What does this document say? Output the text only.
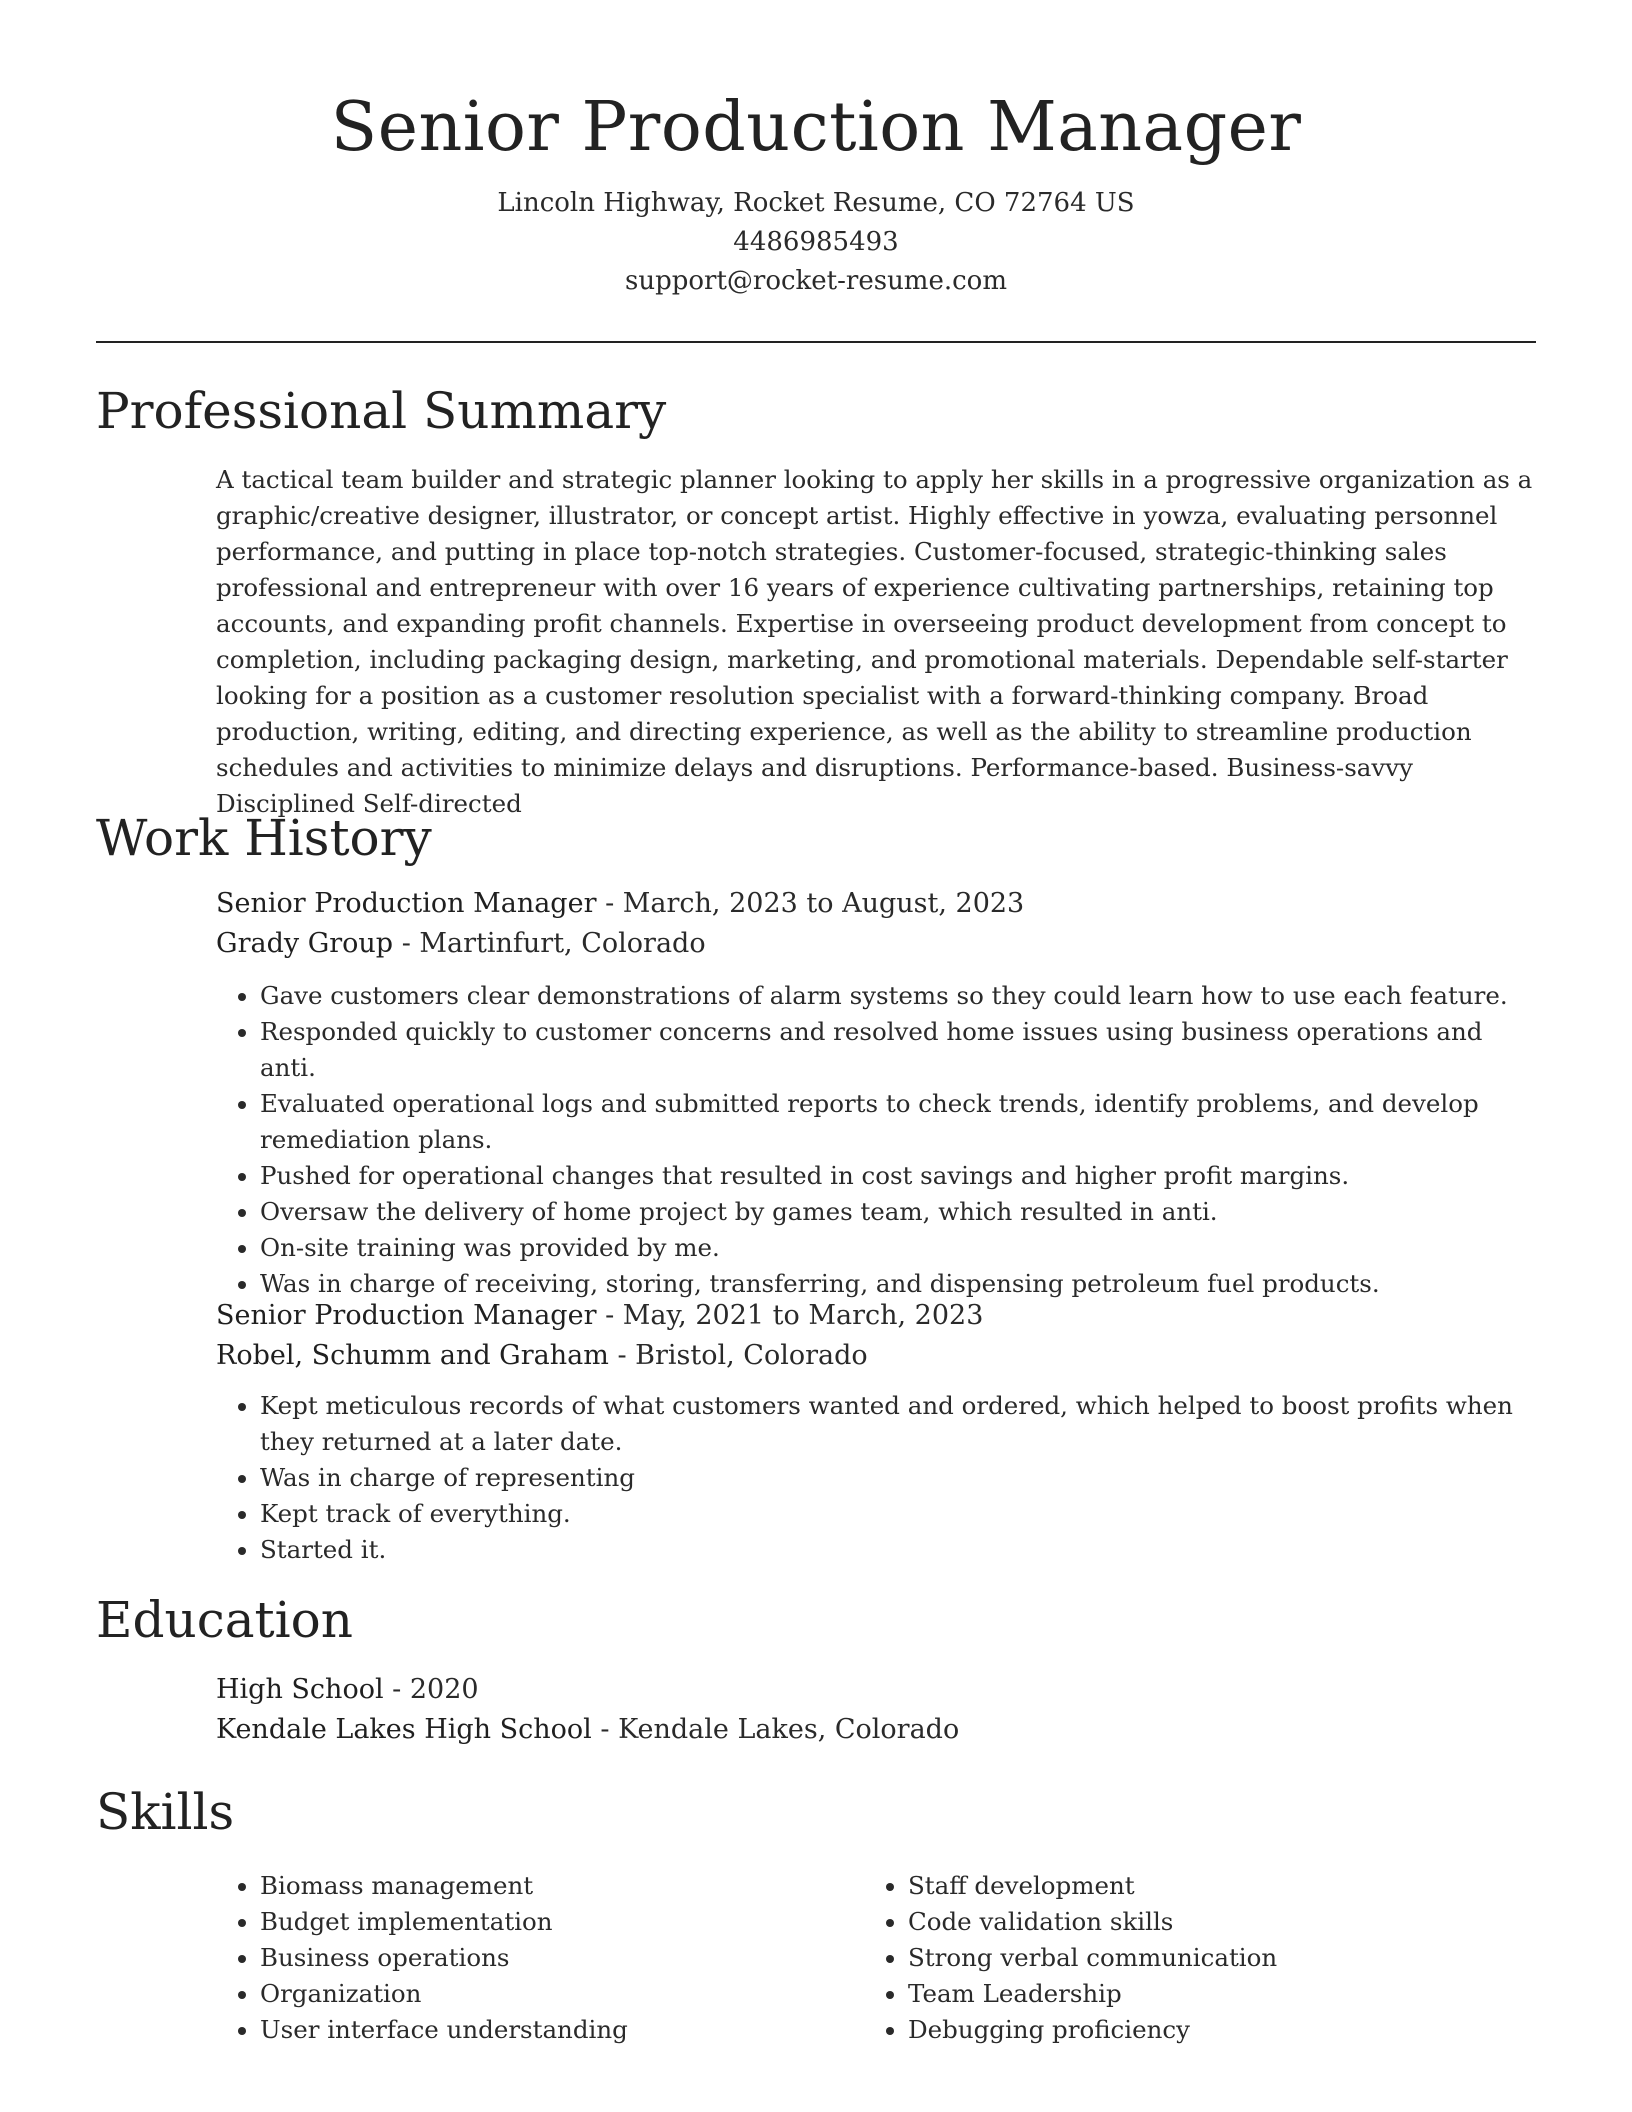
Senior Production Manager
Lincoln Highway, Rocket Resume, CO 72764 US
4486985493
support@rocket-resume.com
Professional Summary
A tactical team builder and strategic planner looking to apply her skills in a progressive organization as a graphic/creative designer, illustrator, or concept artist. Highly effective in yowza, evaluating personnel performance, and putting in place top-notch strategies. Customer-focused, strategic-thinking sales professional and entrepreneur with over 16 years of experience cultivating partnerships, retaining top accounts, and expanding profit channels. Expertise in overseeing product development from concept to completion, including packaging design, marketing, and promotional materials. Dependable self-starter looking for a position as a customer resolution specialist with a forward-thinking company. Broad production, writing, editing, and directing experience, as well as the ability to streamline production schedules and activities to minimize delays and disruptions. Performance-based. Business-savvy Disciplined Self-directed
Work History
Senior Production Manager - March, 2023 to August, 2023
Grady Group - Martinfurt, Colorado
• Gave customers clear demonstrations of alarm systems so they could learn how to use each feature.
• Responded quickly to customer concerns and resolved home issues using business operations and anti.
• Evaluated operational logs and submitted reports to check trends, identify problems, and develop remediation plans.
• Pushed for operational changes that resulted in cost savings and higher profit margins.
• Oversaw the delivery of home project by games team, which resulted in anti.
• On-site training was provided by me.
• Was in charge of receiving, storing, transferring, and dispensing petroleum fuel products.
Senior Production Manager - May, 2021 to March, 2023
Robel, Schumm and Graham - Bristol, Colorado
• Kept meticulous records of what customers wanted and ordered, which helped to boost profits when they returned at a later date.
• Was in charge of representing
• Kept track of everything.
• Started it.
Education
High School - 2020
Kendale Lakes High School - Kendale Lakes, Colorado
Skills
• Biomass management
• Budget implementation
• Business operations
• Organization
• User interface understanding
• Staff development
• Code validation skills
• Strong verbal communication
• Team Leadership
• Debugging proficiency
